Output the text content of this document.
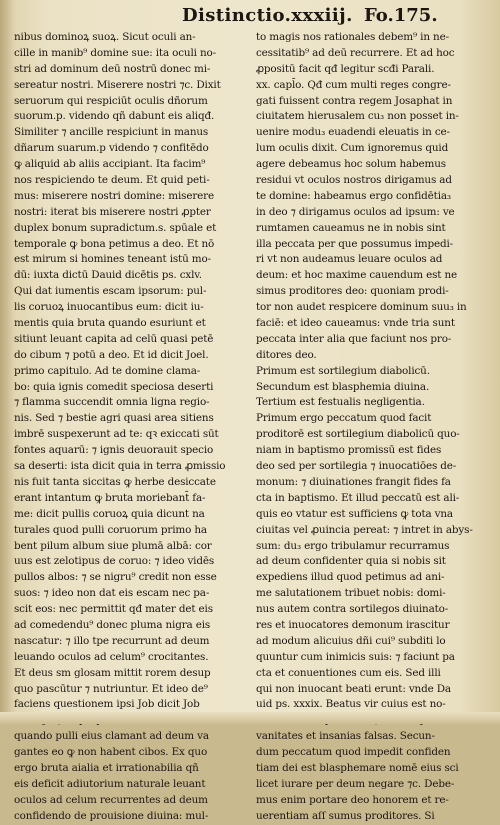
Distinctio.xxxiij. Fo.175.
nibus dominoꝝ suoꝝ. Sicut oculi an-
cille in manib⁹ domine sue: ita oculi no-
stri ad dominum deū nostrū donec mi-
sereatur nostri. Miserere nostri ⁊c. Dixit
seruorum qui respiciūt oculis dñorum
suorum.p. videndo qñ dabunt eis aliqđ.
Similiter ⁊ ancille respiciunt in manus
dñarum suarum.p videndo ⁊ confitēdo
ꝙ aliquid ab aliis accipiant. Ita facim⁹
nos respiciendo te deum. Et quid peti-
mus: miserere nostri domine: miserere
nostri: iterat bis miserere nostri ꝓpter
duplex bonum supradictum.s. spūale et
temporale ꝙ bona petimus a deo. Et nō
est mirum si homines teneant istū mo-
dū: iuxta dictū Dauid dicētis ps. cxlv.
Qui dat iumentis escam ipsorum: pul-
lis coruoꝝ inuocantibus eum: dicit iu-
mentis quia bruta quando esuriunt et
sitiunt leuant capita ad celū quasi petē
do cibum ⁊ potū a deo. Et id dicit Joel.
primo capitulo. Ad te domine clama-
bo: quia ignis comedit speciosa deserti
⁊ flamma succendit omnia ligna regio-
nis. Sed ⁊ bestie agri quasi area sitiens
imbrē suspexerunt ad te: qꝛ exiccati sūt
fontes aquarū: ⁊ ignis deuorauit specio
sa deserti: ista dicit quia in terra ꝓmissio
nis fuit tanta siccitas ꝙ herbe desiccate
erant intantum ꝙ bruta moriebant̄ fa-
me: dicit pullis coruoꝝ quia dicunt na
turales quod pulli coruorum primo ha
bent pilum album siue plumā albā: cor
uus est zelotipus de coruo: ⁊ ideo vidēs
pullos albos: ⁊ se nigru⁹ credit non esse
suos: ⁊ ideo non dat eis escam nec pa-
scit eos: nec permittit qđ mater det eis
ad comedendu⁹ donec pluma nigra eis
nascatur: ⁊ illo tpe recurrunt ad deum
leuando oculos ad celum⁹ crocitantes.
Et deus sm glosam mittit rorem desup
quo pascūtur ⁊ nutriuntur. Et ideo de⁹
faciens questionem ipsi Job dicit Job
quando pulli eius clamant ad deum va
gantes eo ꝙ non habent cibos. Ex quo
ergo bruta aialia et irrationabilia qñ
eis deficit adiutorium naturale leuant
oculos ad celum recurrentes ad deum
confidendo de prouisione diuina: mul-
to magis nos rationales debem⁹ in ne-
cessitatib⁹ ad deū recurrere. Et ad hoc
ꝓpositū facit qđ legitur scđi Parali.
xx. capl̄o. Qđ cum multi reges congre-
gati fuissent contra regem Josaphat in
ciuitatem hierusalem cu₃ non posset in-
uenire modu₃ euadendi eleuatis in ce-
lum oculis dixit. Cum ignoremus quid
agere debeamus hoc solum habemus
residui vt oculos nostros dirigamus ad
te domine: habeamus ergo confidētia₃
in deo ⁊ dirigamus oculos ad ipsum: ve
rumtamen caueamus ne in nobis sint
illa peccata per que possumus impedi-
ri vt non audeamus leuare oculos ad
deum: et hoc maxime cauendum est ne
simus proditores deo: quoniam prodi-
tor non audet respicere dominum suu₃ in
faciē: et ideo caueamus: vnde tria sunt
peccata inter alia que faciunt nos pro-
ditores deo.
Primum est sortilegium diabolicū.
Secundum est blasphemia diuina.
Tertium est festualis negligentia.
Primum ergo peccatum quod facit
proditorē est sortilegium diabolicū quo-
niam in baptismo promissū est fides
deo sed per sortilegia ⁊ inuocatiōes de-
monum: ⁊ diuinationes frangit fides fa
cta in baptismo. Et illud peccatū est ali-
quis eo vtatur est sufficiens ꝙ tota vna
ciuitas vel ꝓuincia pereat: ⁊ intret in abys-
sum: du₃ ergo tribulamur recurramus
ad deum confidenter quia si nobis sit
expediens illud quod petimus ad ani-
me salutationem tribuet nobis: domi-
nus autem contra sortilegos diuinato-
res et inuocatores demonum irascitur
ad modum alicuius dñi cui⁹ subditi lo
quuntur cum inimicis suis: ⁊ faciunt pa
cta et conuentiones cum eis. Sed illi
qui non inuocant beati erunt: vnde Da
uid ps. xxxix. Beatus vir cuius est no-
vanitates et insanias falsas. Secun-
dum peccatum quod impedit confiden
tiam dei est blasphemare nomē eius sci
licet iurare per deum negare ⁊c. Debe-
mus enim portare deo honorem et re-
uerentiam aſſ sumus proditores. Si
